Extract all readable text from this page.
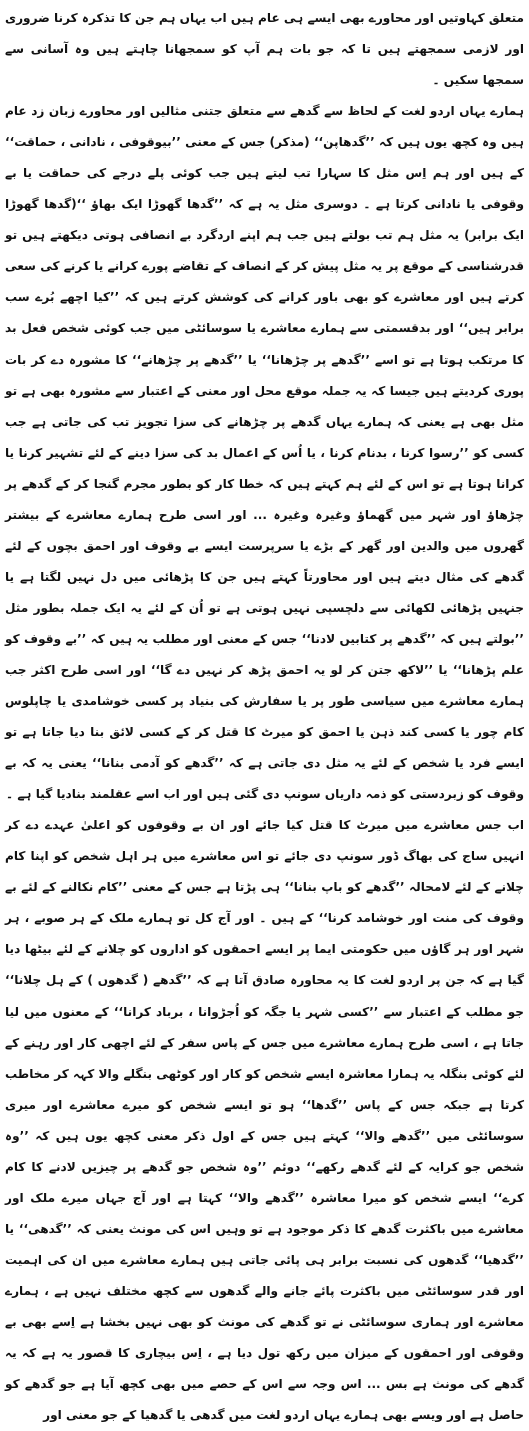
متعلق کہاوتیں اور محاورے بھی ایسے ہی عام ہیں اب یہاں ہم جن کا تذکرہ کرنا ضروری اور لازمی سمجھتے ہیں تا کہ جو بات ہم آپ کو سمجھانا چاہتے ہیں وہ آسانی سے سمجھا سکیں ۔

ہمارے یہاں اردو لغت کے لحاظ سے گدھے سے متعلق جتنی مثالیں اور محاورے زبان زد عام ہیں وہ کچھ یوں ہیں کہ ’’گدھاپن‘‘ (مذکر) جس کے معنی ’’بیوقوفی ، نادانی ، حماقت‘‘ کے ہیں اور ہم اِس مثل کا سہارا تب لیتے ہیں جب کوئی پلے درجے کی حماقت یا بے وقوفی یا نادانی کرتا ہے ۔ دوسری مثل یہ ہے کہ ’’گدھا گھوڑا ایک بھاؤ ‘‘(گدھا گھوڑا ایک برابر) یہ مثل ہم تب بولتے ہیں جب ہم اپنے اردگرد بے انصافی ہوتی دیکھتے ہیں تو قدرشناسی کے موقع پر یہ مثل پیش کر کے انصاف کے تقاضے پورے کرانے یا کرنے کی سعی کرتے ہیں اور معاشرے کو بھی باور کرانے کی کوشش کرتے ہیں کہ ’’کیا اچھے بُرے سب برابر ہیں‘‘ اور بدقسمتی سے ہمارے معاشرے یا سوسائٹی میں جب کوئی شخص فعل بد کا مرتکب ہوتا ہے تو اسے ’’گدھے پر چڑھانا‘‘ یا ’’گدھے پر چڑھانے‘‘ کا مشورہ دے کر بات پوری کردیتے ہیں جیسا کہ یہ جملہ موقع محل اور معنی کے اعتبار سے مشورہ بھی ہے تو مثل بھی ہے یعنی کہ ہمارے یہاں گدھے پر چڑھانے کی سزا تجویز تب کی جاتی ہے جب کسی کو ’’رسوا کرنا ، بدنام کرنا ، یا اُس کے اعمال بد کی سزا دینے کے لئے تشہیر کرنا یا کرانا ہوتا ہے تو اس کے لئے ہم کہتے ہیں کہ خطا کار کو بطور مجرم گنجا کر کے گدھے پر چڑھاؤ اور شہر میں گھماؤ وغیرہ وغیرہ ... اور اسی طرح ہمارے معاشرے کے بیشتر گھروں میں والدین اور گھر کے بڑے یا سرپرست ایسے بے وقوف اور احمق بچوں کے لئے گدھے کی مثال دیتے ہیں اور محاورتاً کہتے ہیں جن کا پڑھائی میں دل نہیں لگتا ہے یا جنہیں پڑھائی لکھائی سے دلچسپی نہیں ہوتی ہے تو اُن کے لئے یہ ایک جملہ بطور مثل ’’بولتے ہیں کہ ’’گدھے پر کتابیں لادنا‘‘ جس کے معنی اور مطلب یہ ہیں کہ ’’بے وقوف کو علم پڑھانا‘‘ یا ’’لاکھ جتن کر لو یہ احمق پڑھ کر نہیں دے گا‘‘ اور اسی طرح اکثر جب ہمارے معاشرے میں سیاسی طور پر یا سفارش کی بنیاد پر کسی خوشامدی یا چاپلوس کام چور یا کسی کند ذہن یا احمق کو میرٹ کا قتل کر کے کسی لائق بنا دیا جاتا ہے تو ایسے فرد یا شخص کے لئے یہ مثل دی جاتی ہے کہ ’’گدھے کو آدمی بنانا‘‘ یعنی یہ کہ بے وقوف کو زبردستی کو ذمہ داریاں سونپ دی گئی ہیں اور اب اسے عقلمند بنادیا گیا ہے ۔

اب جس معاشرے میں میرٹ کا قتل کیا جائے اور ان بے وقوفوں کو اعلیٰ عہدے دے کر انہیں ساج کی بھاگ ڈور سونپ دی جائے تو اس معاشرے میں ہر اہل شخص کو اپنا کام چلانے کے لئے لامحالہ ’’گدھے کو باپ بنانا‘‘ ہی پڑتا ہے جس کے معنی ’’کام نکالنے کے لئے بے وقوف کی منت اور خوشامد کرنا‘‘ کے ہیں ۔ اور آج کل تو ہمارے ملک کے ہر صوبے ، ہر شہر اور ہر گاؤں میں حکومتی ایما پر ایسے احمقوں کو اداروں کو چلانے کے لئے بیٹھا دیا گیا ہے کہ جن پر اردو لغت کا یہ محاورہ صادق آتا ہے کہ ’’گدھے ( گدھوں ) کے ہل چلانا‘‘ جو مطلب کے اعتبار سے ’’کسی شہر یا جگہ کو اُجڑوانا ، برباد کرانا‘‘ کے معنوں میں لیا جاتا ہے ، اسی طرح ہمارے معاشرے میں جس کے پاس سفر کے لئے اچھی کار اور رہنے کے لئے کوئی بنگلہ یہ ہمارا معاشرہ ایسے شخص کو کار اور کوٹھی بنگلے والا کہہ کر مخاطب کرتا ہے جبکہ جس کے پاس ’’گدھا‘‘ ہو تو ایسے شخص کو میرے معاشرے اور میری سوسائٹی میں ’’گدھے والا‘‘ کہتے ہیں جس کے اول ذکر معنی کچھ یوں ہیں کہ ’’وہ شخص جو کرایہ کے لئے گدھے رکھے‘‘ دوئم ’’وہ شخص جو گدھے پر چیزیں لادنے کا کام کرے‘‘ ایسے شخص کو میرا معاشرہ ’’گدھے والا‘‘ کہتا ہے اور آج جہاں میرے ملک اور معاشرے میں باکثرت گدھے کا ذکر موجود ہے تو وہیں اس کی مونث یعنی کہ ’’گدھی‘‘ یا ’’گدھیا‘‘ گدھوں کی نسبت برابر ہی پائی جاتی ہیں ہمارے معاشرے میں ان کی اہمیت اور قدر سوسائٹی میں باکثرت پائے جانے والے گدھوں سے کچھ مختلف نہیں ہے ، ہمارے معاشرے اور ہماری سوسائٹی نے تو گدھے کی مونث کو بھی نہیں بخشا ہے اِسے بھی بے وقوفی اور احمقوں کے میزان میں رکھ تول دیا ہے ، اِس بیچاری کا قصور یہ ہے کہ یہ گدھے کی مونث ہے بس ... اس وجہ سے اس کے حصے میں بھی کچھ آیا ہے جو گدھے کو حاصل ہے اور ویسے بھی ہمارے یہاں اردو لغت میں گدھی یا گدھیا کے جو معنی اور
